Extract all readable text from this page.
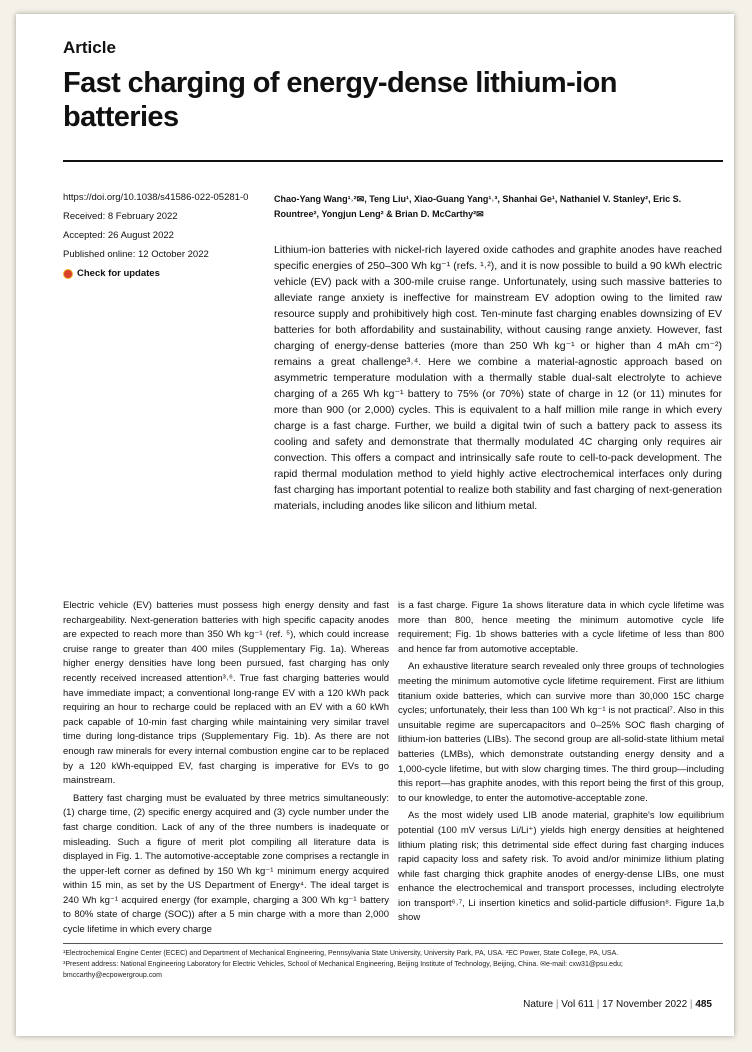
Article
Fast charging of energy-dense lithium-ion batteries
https://doi.org/10.1038/s41586-022-05281-0
Received: 8 February 2022
Accepted: 26 August 2022
Published online: 12 October 2022
Check for updates
Chao-Yang Wang¹˒²✉, Teng Liu¹, Xiao-Guang Yang¹˒³, Shanhai Ge¹, Nathaniel V. Stanley², Eric S. Rountree², Yongjun Leng² & Brian D. McCarthy²✉

Lithium-ion batteries with nickel-rich layered oxide cathodes and graphite anodes have reached specific energies of 250–300 Wh kg⁻¹ (refs. ¹˒²), and it is now possible to build a 90 kWh electric vehicle (EV) pack with a 300-mile cruise range. Unfortunately, using such massive batteries to alleviate range anxiety is ineffective for mainstream EV adoption owing to the limited raw resource supply and prohibitively high cost. Ten-minute fast charging enables downsizing of EV batteries for both affordability and sustainability, without causing range anxiety. However, fast charging of energy-dense batteries (more than 250 Wh kg⁻¹ or higher than 4 mAh cm⁻²) remains a great challenge³˒⁴. Here we combine a material-agnostic approach based on asymmetric temperature modulation with a thermally stable dual-salt electrolyte to achieve charging of a 265 Wh kg⁻¹ battery to 75% (or 70%) state of charge in 12 (or 11) minutes for more than 900 (or 2,000) cycles. This is equivalent to a half million mile range in which every charge is a fast charge. Further, we build a digital twin of such a battery pack to assess its cooling and safety and demonstrate that thermally modulated 4C charging only requires air convection. This offers a compact and intrinsically safe route to cell-to-pack development. The rapid thermal modulation method to yield highly active electrochemical interfaces only during fast charging has important potential to realize both stability and fast charging of next-generation materials, including anodes like silicon and lithium metal.

Electric vehicle (EV) batteries must possess high energy density and fast rechargeability. Next-generation batteries with high specific capacity anodes are expected to reach more than 350 Wh kg⁻¹ (ref. ⁵), which could increase cruise range to greater than 400 miles (Supplementary Fig. 1a). Whereas higher energy densities have long been pursued, fast charging has only recently received increased attention³˒⁶. True fast charging batteries would have immediate impact; a conventional long-range EV with a 120 kWh pack requiring an hour to recharge could be replaced with an EV with a 60 kWh pack capable of 10-min fast charging while maintaining very similar travel time during long-distance trips (Supplementary Fig. 1b). As there are not enough raw minerals for every internal combustion engine car to be replaced by a 120 kWh-equipped EV, fast charging is imperative for EVs to go mainstream.

Battery fast charging must be evaluated by three metrics simultaneously: (1) charge time, (2) specific energy acquired and (3) cycle number under the fast charge condition. Lack of any of the three numbers is inadequate or misleading. Such a figure of merit plot compiling all literature data is displayed in Fig. 1. The automotive-acceptable zone comprises a rectangle in the upper-left corner as defined by 150 Wh kg⁻¹ minimum energy acquired within 15 min, as set by the US Department of Energy⁴. The ideal target is 240 Wh kg⁻¹ acquired energy (for example, charging a 300 Wh kg⁻¹ battery to 80% state of charge (SOC)) after a 5 min charge with a more than 2,000 cycle lifetime in which every charge

is a fast charge. Figure 1a shows literature data in which cycle lifetime was more than 800, hence meeting the minimum automotive cycle life requirement; Fig. 1b shows batteries with a cycle lifetime of less than 800 and hence far from automotive acceptable.

An exhaustive literature search revealed only three groups of technologies meeting the minimum automotive cycle lifetime requirement. First are lithium titanium oxide batteries, which can survive more than 30,000 15C charge cycles; unfortunately, their less than 100 Wh kg⁻¹ is not practical⁷. Also in this unsuitable regime are supercapacitors and 0–25% SOC flash charging of lithium-ion batteries (LIBs). The second group are all-solid-state lithium metal batteries (LMBs), which demonstrate outstanding energy density and a 1,000-cycle lifetime, but with slow charging times. The third group—including this report—has graphite anodes, with this report being the first of this group, to our knowledge, to enter the automotive-acceptable zone.

As the most widely used LIB anode material, graphite's low equilibrium potential (100 mV versus Li/Li⁺) yields high energy densities at heightened lithium plating risk; this detrimental side effect during fast charging induces rapid capacity loss and safety risk. To avoid and/or minimize lithium plating while fast charging thick graphite anodes of energy-dense LIBs, one must enhance the electrochemical and transport processes, including electrolyte ion transport⁶˒⁷, Li insertion kinetics and solid-particle diffusion⁸. Figure 1a,b show

¹Electrochemical Engine Center (ECEC) and Department of Mechanical Engineering, Pennsylvania State University, University Park, PA, USA. ²EC Power, State College, PA, USA.
³Present address: National Engineering Laboratory for Electric Vehicles, School of Mechanical Engineering, Beijing Institute of Technology, Beijing, China. ✉e-mail: cxw31@psu.edu;
bmccarthy@ecpowergroup.com
Nature | Vol 611 | 17 November 2022 | 485
